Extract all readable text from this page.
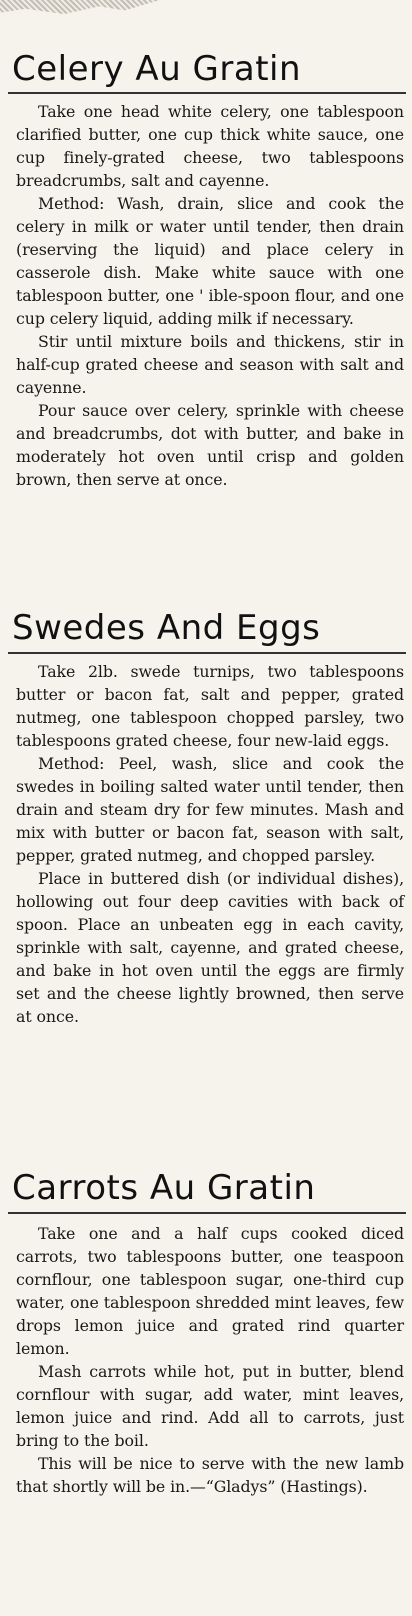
Celery Au Gratin

Take one head white celery, one tablespoon clarified butter, one cup thick white sauce, one cup finely-grated cheese, two tablespoons breadcrumbs, salt and cayenne.

Method: Wash, drain, slice and cook the celery in milk or water until tender, then drain (reserving the liquid) and place celery in casserole dish. Make white sauce with one tablespoon butter, one ' ible-spoon flour, and one cup celery liquid, adding milk if necessary.

Stir until mixture boils and thickens, stir in half-cup grated cheese and season with salt and cayenne.

Pour sauce over celery, sprinkle with cheese and breadcrumbs, dot with butter, and bake in moderately hot oven until crisp and golden brown, then serve at once.

Swedes And Eggs

Take 2lb. swede turnips, two tablespoons butter or bacon fat, salt and pepper, grated nutmeg, one tablespoon chopped parsley, two tablespoons grated cheese, four new-laid eggs.

Method: Peel, wash, slice and cook the swedes in boiling salted water until tender, then drain and steam dry for few minutes. Mash and mix with butter or bacon fat, season with salt, pepper, grated nutmeg, and chopped parsley.

Place in buttered dish (or individual dishes), hollowing out four deep cavities with back of spoon. Place an unbeaten egg in each cavity, sprinkle with salt, cayenne, and grated cheese, and bake in hot oven until the eggs are firmly set and the cheese lightly browned, then serve at once.

Carrots Au Gratin

Take one and a half cups cooked diced carrots, two tablespoons butter, one teaspoon cornflour, one tablespoon sugar, one-third cup water, one tablespoon shredded mint leaves, few drops lemon juice and grated rind quarter lemon.

Mash carrots while hot, put in butter, blend cornflour with sugar, add water, mint leaves, lemon juice and rind. Add all to carrots, just bring to the boil.

This will be nice to serve with the new lamb that shortly will be in.—“Gladys” (Hastings).
